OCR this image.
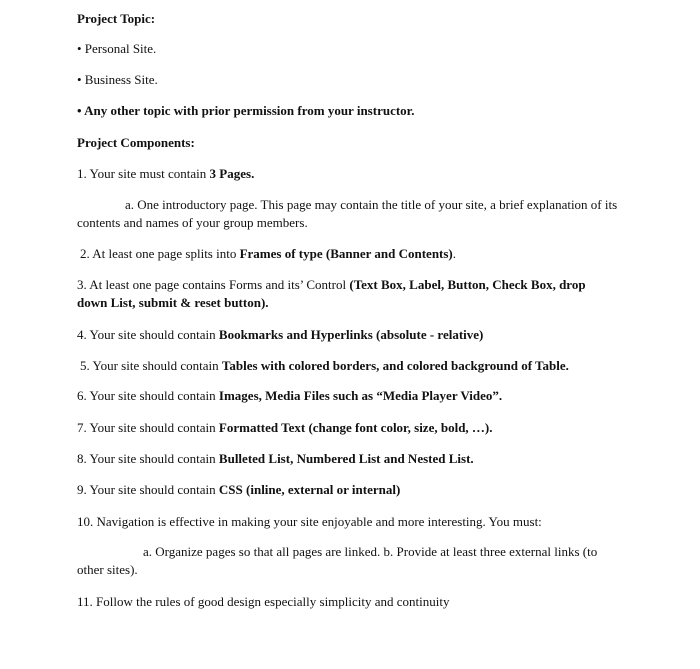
Project Topic:
• Personal Site.
• Business Site.
• Any other topic with prior permission from your instructor.
Project Components:
1. Your site must contain 3 Pages.
a. One introductory page. This page may contain the title of your site, a brief explanation of its contents and names of your group members.
2. At least one page splits into Frames of type (Banner and Contents).
3. At least one page contains Forms and its’ Control (Text Box, Label, Button, Check Box, drop down List, submit & reset button).
4. Your site should contain Bookmarks and Hyperlinks (absolute - relative)
5. Your site should contain Tables with colored borders, and colored background of Table.
6. Your site should contain Images, Media Files such as “Media Player Video”.
7. Your site should contain Formatted Text (change font color, size, bold, …).
8. Your site should contain Bulleted List, Numbered List and Nested List.
9. Your site should contain CSS (inline, external or internal)
10. Navigation is effective in making your site enjoyable and more interesting. You must:
a. Organize pages so that all pages are linked. b. Provide at least three external links (to other sites).
11. Follow the rules of good design especially simplicity and continuity
